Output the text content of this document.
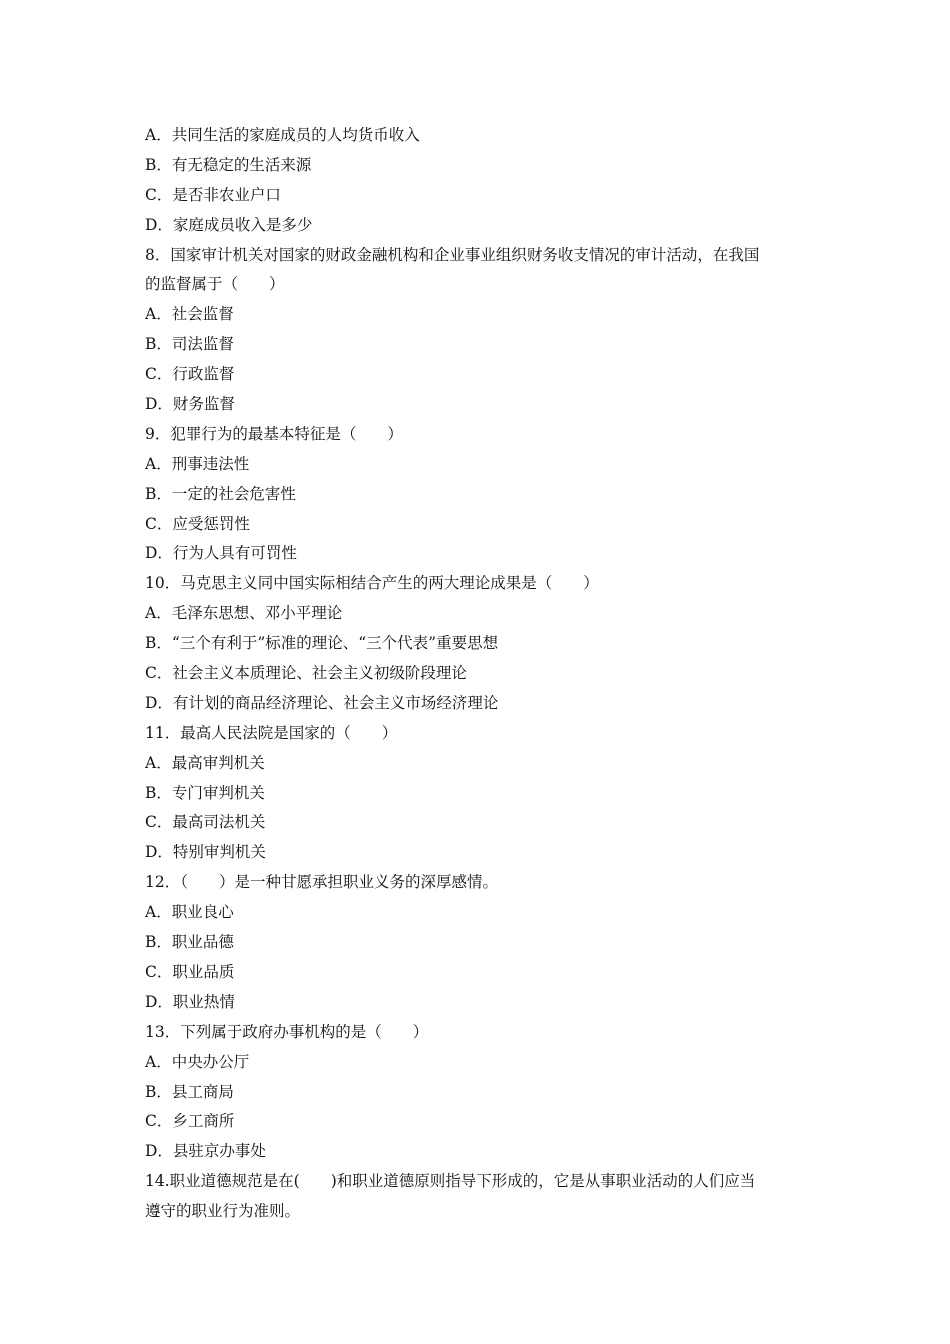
A．共同生活的家庭成员的人均货币收入
B．有无稳定的生活来源
C．是否非农业户口
D．家庭成员收入是多少
8．国家审计机关对国家的财政金融机构和企业事业组织财务收支情况的审计活动，在我国
的监督属于（　　）
A．社会监督
B．司法监督
C．行政监督
D．财务监督
9．犯罪行为的最基本特征是（　　）
A．刑事违法性
B．一定的社会危害性
C．应受惩罚性
D．行为人具有可罚性
10．马克思主义同中国实际相结合产生的两大理论成果是（　　）
A．毛泽东思想、邓小平理论
B．“三个有利于”标准的理论、“三个代表”重要思想
C．社会主义本质理论、社会主义初级阶段理论
D．有计划的商品经济理论、社会主义市场经济理论
11．最高人民法院是国家的（　　）
A．最高审判机关
B．专门审判机关
C．最高司法机关
D．特别审判机关
12．（　　）是一种甘愿承担职业义务的深厚感情。
A．职业良心
B．职业品德
C．职业品质
D．职业热情
13．下列属于政府办事机构的是（　　）
A．中央办公厅
B．县工商局
C．乡工商所
D．县驻京办事处
14.职业道德规范是在(　　)和职业道德原则指导下形成的，它是从事职业活动的人们应当
遵守的职业行为准则。
